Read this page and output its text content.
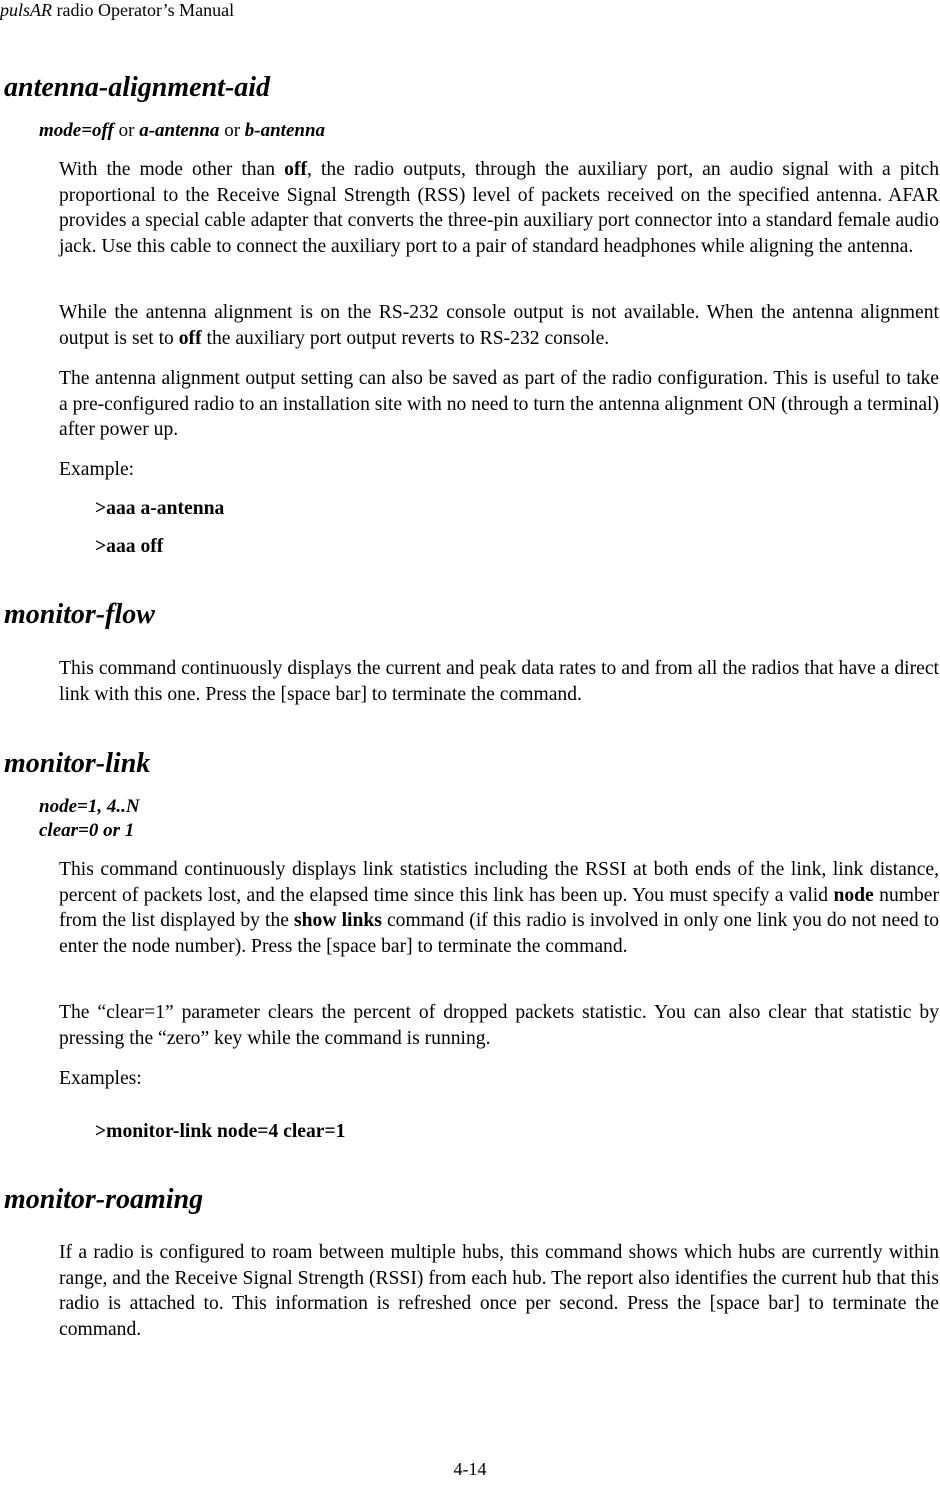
pulsAR radio Operator’s Manual
antenna-alignment-aid
mode=off or a-antenna or b-antenna

With the mode other than off, the radio outputs, through the auxiliary port, an audio signal with a pitch proportional to the Receive Signal Strength (RSS) level of packets received on the specified antenna. AFAR provides a special cable adapter that converts the three-pin auxiliary port connector into a standard female audio jack. Use this cable to connect the auxiliary port to a pair of standard headphones while aligning the antenna.

While the antenna alignment is on the RS-232 console output is not available. When the antenna alignment output is set to off the auxiliary port output reverts to RS-232 console.

The antenna alignment output setting can also be saved as part of the radio configuration. This is useful to take a pre-configured radio to an installation site with no need to turn the antenna alignment ON (through a terminal) after power up.

Example:

>aaa a-antenna
>aaa off
monitor-flow

This command continuously displays the current and peak data rates to and from all the radios that have a direct link with this one. Press the [space bar] to terminate the command.

monitor-link
node=1, 4..N
clear=0 or 1

This command continuously displays link statistics including the RSSI at both ends of the link, link distance, percent of packets lost, and the elapsed time since this link has been up. You must specify a valid node number from the list displayed by the show links command (if this radio is involved in only one link you do not need to enter the node number). Press the [space bar] to terminate the command.

The “clear=1” parameter clears the percent of dropped packets statistic. You can also clear that statistic by pressing the “zero” key while the command is running.

Examples:

>monitor-link node=4 clear=1
monitor-roaming

If a radio is configured to roam between multiple hubs, this command shows which hubs are currently within range, and the Receive Signal Strength (RSSI) from each hub. The report also identifies the current hub that this radio is attached to. This information is refreshed once per second. Press the [space bar] to terminate the command.

4-14
